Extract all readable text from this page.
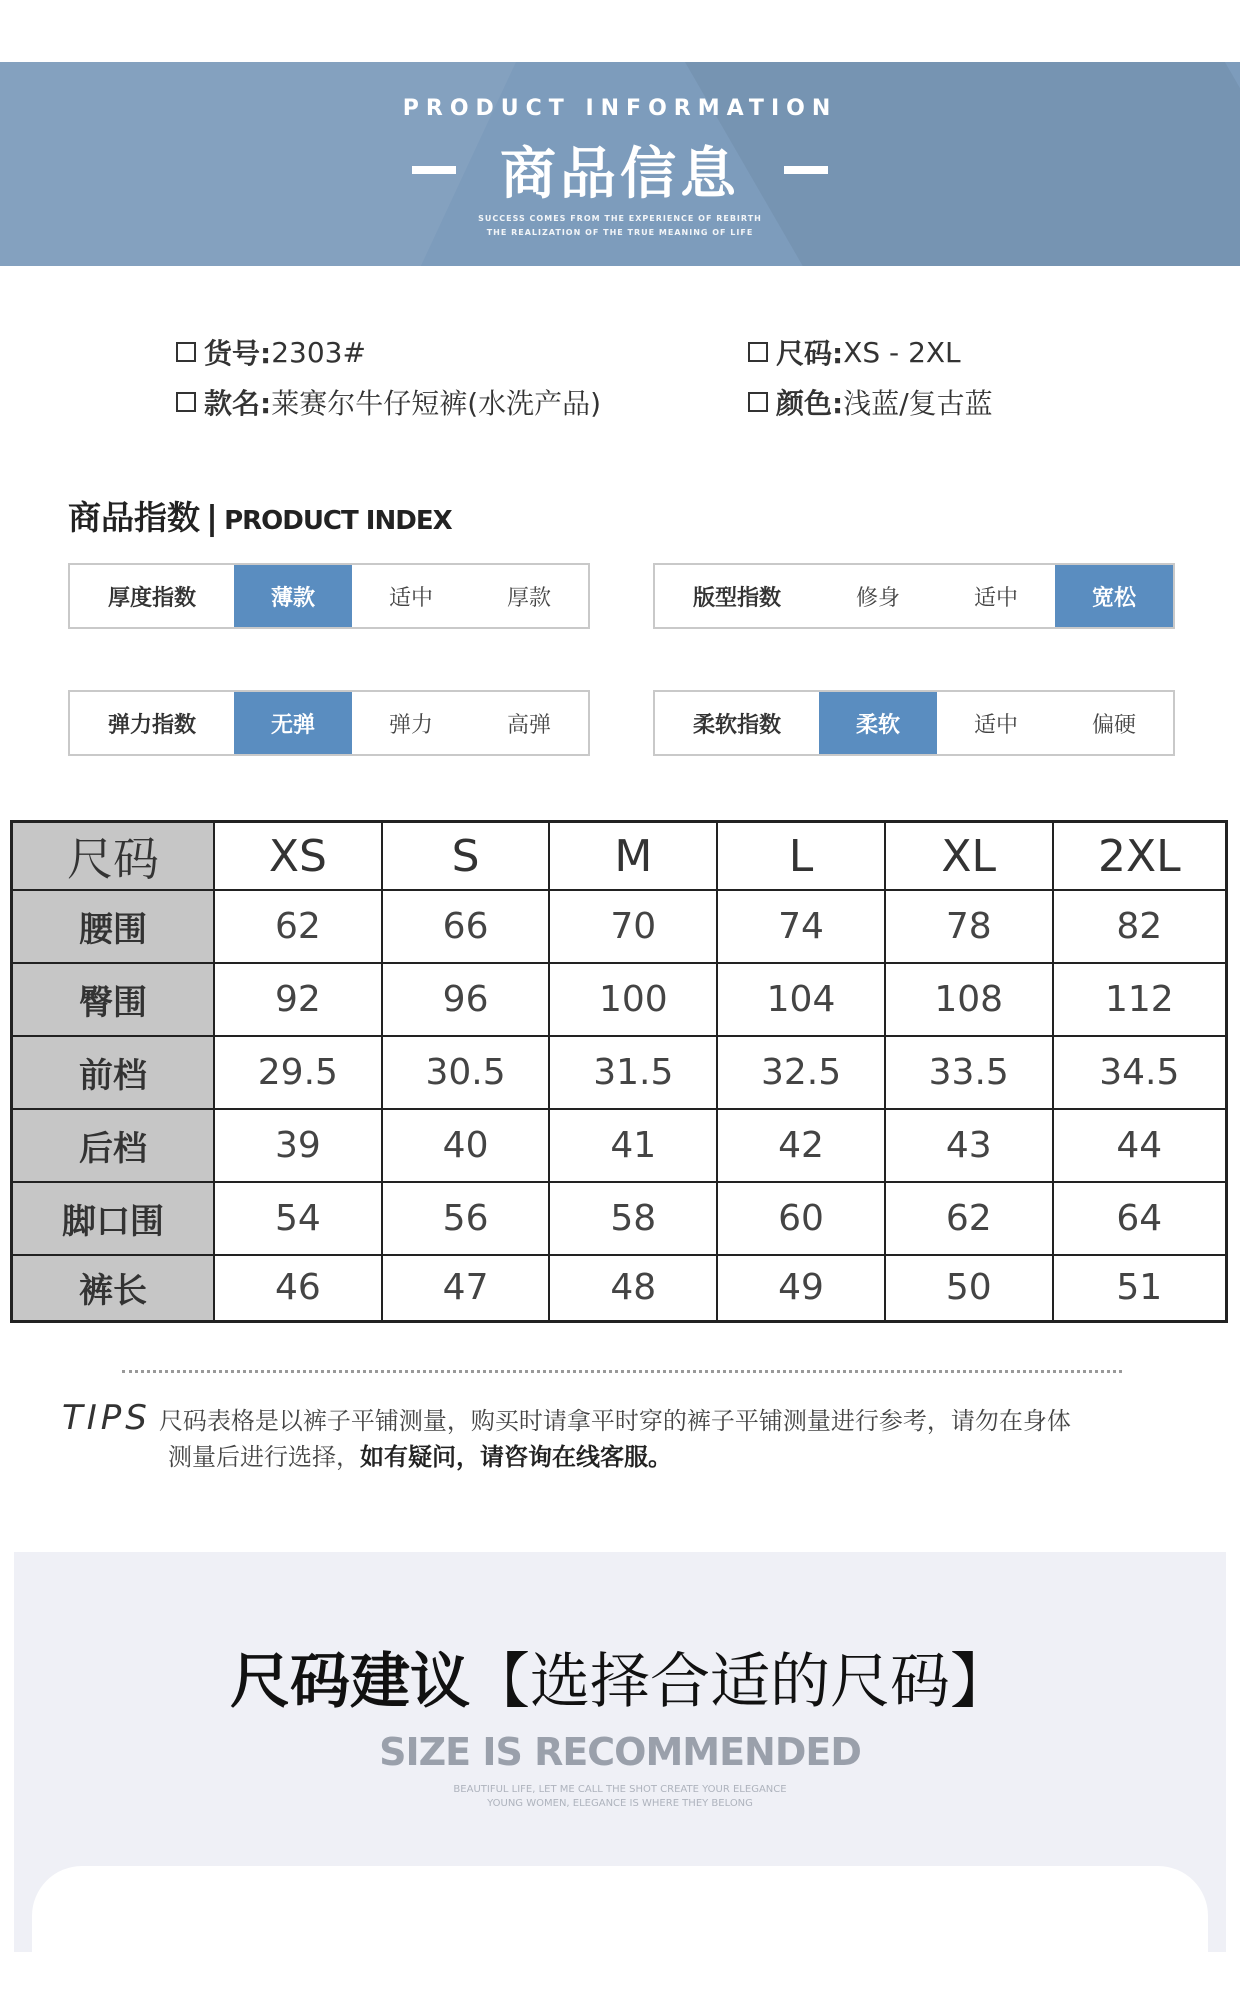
PRODUCT INFORMATION
商品信息
SUCCESS COMES FROM THE EXPERIENCE OF REBIRTH
THE REALIZATION OF THE TRUE MEANING OF LIFE
货号: 2303#	尺码: XS - 2XL
款名: 莱赛尔牛仔短裤(水洗产品)	颜色: 浅蓝/复古蓝
商品指数 | PRODUCT INDEX
厚度指数	薄款	适中	厚款	版型指数	修身	适中	宽松
弹力指数	无弹	弹力	高弹	柔软指数	柔软	适中	偏硬
尺码	XS	S	M	L	XL	2XL
腰围	62	66	70	74	78	82
臀围	92	96	100	104	108	112
前档	29.5	30.5	31.5	32.5	33.5	34.5
后档	39	40	41	42	43	44
脚口围	54	56	58	60	62	64
裤长	46	47	48	49	50	51
TIPS 尺码表格是以裤子平铺测量，购买时请拿平时穿的裤子平铺测量进行参考，请勿在身体
测量后进行选择，如有疑问，请咨询在线客服。
尺码建议【选择合适的尺码】
SIZE IS RECOMMENDED
BEAUTIFUL LIFE, LET ME CALL THE SHOT CREATE YOUR ELEGANCE
YOUNG WOMEN, ELEGANCE IS WHERE THEY BELONG
